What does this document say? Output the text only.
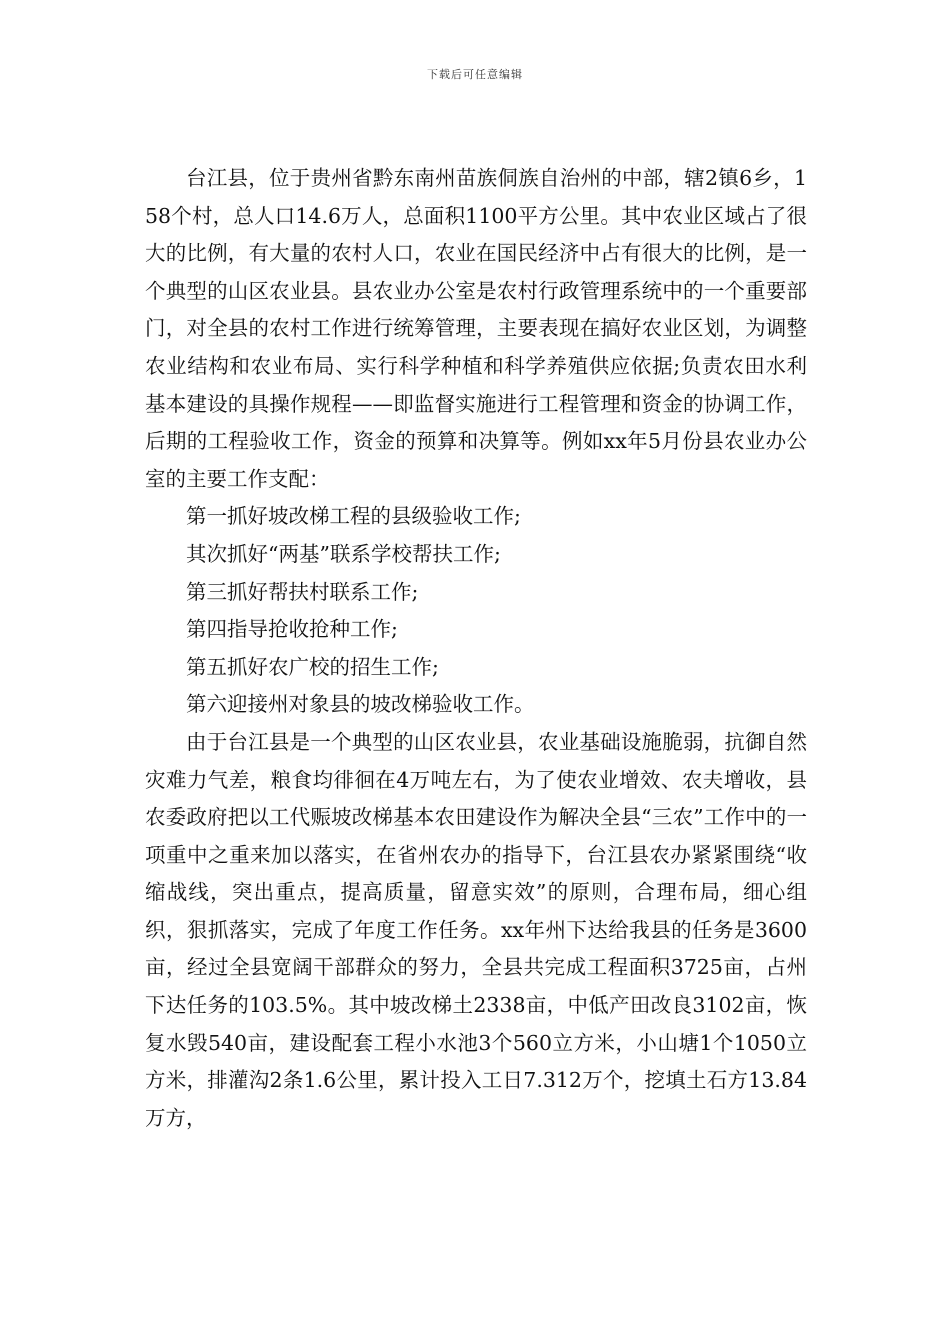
下载后可任意编辑

台江县，位于贵州省黔东南州苗族侗族自治州的中部，辖2镇6乡，158个村，总人口14.6万人，总面积1100平方公里。其中农业区域占了很大的比例，有大量的农村人口，农业在国民经济中占有很大的比例，是一个典型的山区农业县。县农业办公室是农村行政管理系统中的一个重要部门，对全县的农村工作进行统筹管理，主要表现在搞好农业区划，为调整农业结构和农业布局、实行科学种植和科学养殖供应依据;负责农田水利基本建设的具操作规程——即监督实施进行工程管理和资金的协调工作，后期的工程验收工作，资金的预算和决算等。例如xx年5月份县农业办公室的主要工作支配：

第一抓好坡改梯工程的县级验收工作;

其次抓好“两基”联系学校帮扶工作;

第三抓好帮扶村联系工作;

第四指导抢收抢种工作;

第五抓好农广校的招生工作;

第六迎接州对象县的坡改梯验收工作。

由于台江县是一个典型的山区农业县，农业基础设施脆弱，抗御自然灾难力气差，粮食均徘徊在4万吨左右，为了使农业增效、农夫增收，县农委政府把以工代赈坡改梯基本农田建设作为解决全县“三农”工作中的一项重中之重来加以落实，在省州农办的指导下，台江县农办紧紧围绕“收缩战线，突出重点，提高质量，留意实效”的原则，合理布局，细心组织，狠抓落实，完成了年度工作任务。xx年州下达给我县的任务是3600亩，经过全县宽阔干部群众的努力，全县共完成工程面积3725亩，占州下达任务的103.5%。其中坡改梯土2338亩，中低产田改良3102亩，恢复水毁540亩，建设配套工程小水池3个560立方米，小山塘1个1050立方米，排灌沟2条1.6公里，累计投入工日7.312万个，挖填土石方13.84万方，
